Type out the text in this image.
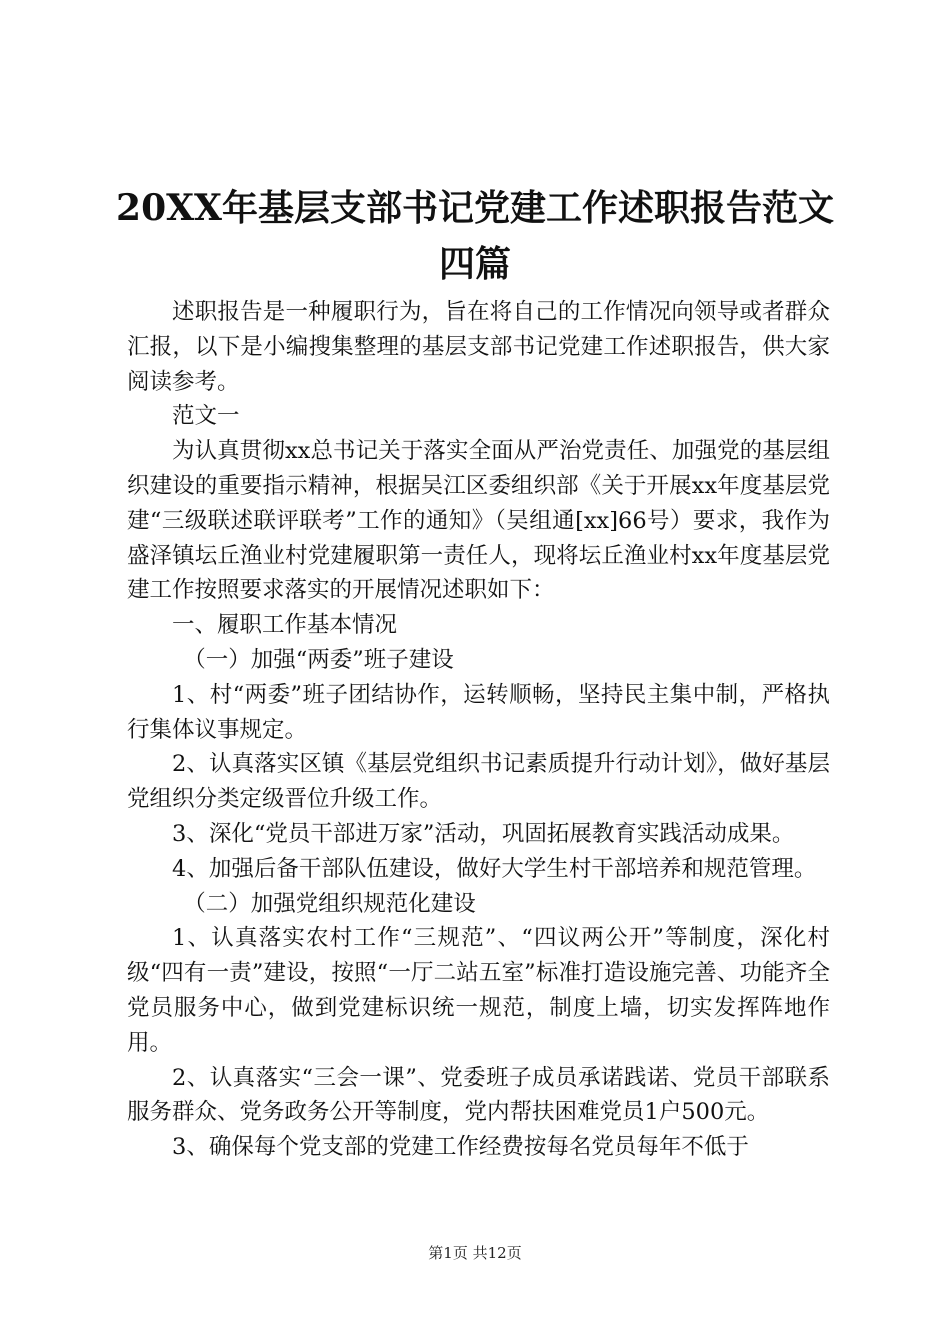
20XX年基层支部书记党建工作述职报告范文
四篇

述职报告是一种履职行为，旨在将自己的工作情况向领导或者群众汇报，以下是小编搜集整理的基层支部书记党建工作述职报告，供大家阅读参考。

范文一

为认真贯彻xx总书记关于落实全面从严治党责任、加强党的基层组织建设的重要指示精神，根据吴江区委组织部《关于开展xx年度基层党建“三级联述联评联考”工作的通知》（吴组通[xx]66号）要求，我作为盛泽镇坛丘渔业村党建履职第一责任人，现将坛丘渔业村xx年度基层党建工作按照要求落实的开展情况述职如下：

一、履职工作基本情况

（一）加强“两委”班子建设

1、村“两委”班子团结协作，运转顺畅，坚持民主集中制，严格执行集体议事规定。

2、认真落实区镇《基层党组织书记素质提升行动计划》，做好基层党组织分类定级晋位升级工作。

3、深化“党员干部进万家”活动，巩固拓展教育实践活动成果。

4、加强后备干部队伍建设，做好大学生村干部培养和规范管理。

（二）加强党组织规范化建设

1、认真落实农村工作“三规范”、“四议两公开”等制度，深化村级“四有一责”建设，按照“一厅二站五室”标准打造设施完善、功能齐全党员服务中心，做到党建标识统一规范，制度上墙，切实发挥阵地作用。

2、认真落实“三会一课”、党委班子成员承诺践诺、党员干部联系服务群众、党务政务公开等制度，党内帮扶困难党员1户500元。

3、确保每个党支部的党建工作经费按每名党员每年不低于

第1页 共12页
